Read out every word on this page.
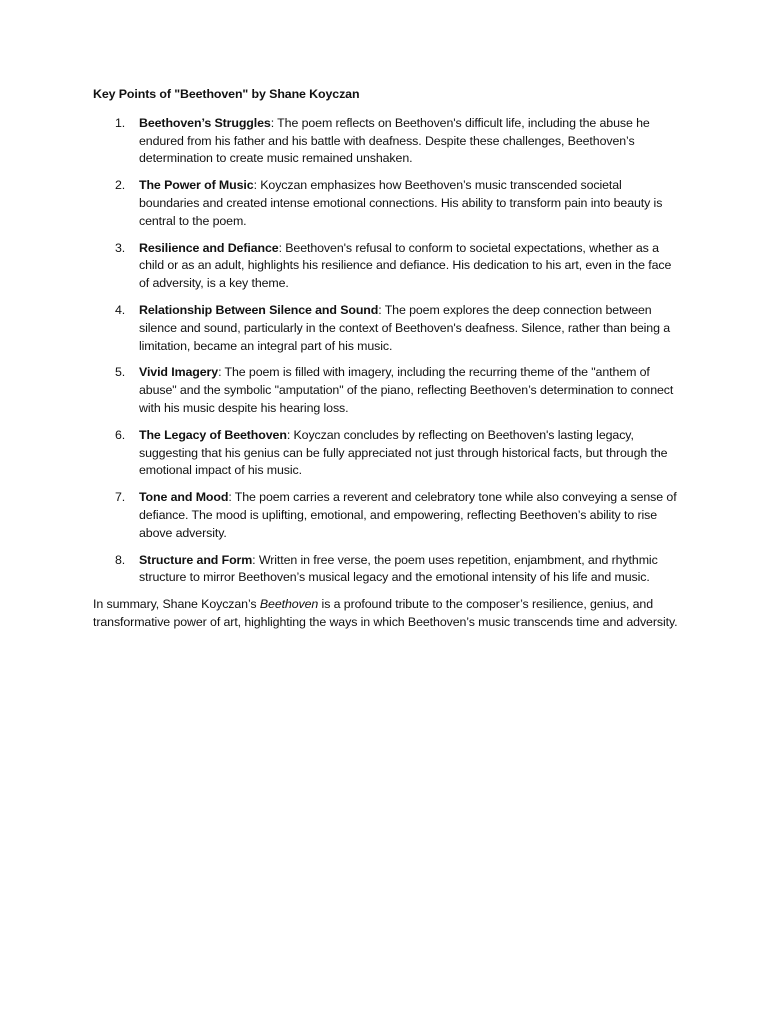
Key Points of "Beethoven" by Shane Koyczan

1. Beethoven’s Struggles: The poem reflects on Beethoven's difficult life, including the abuse he endured from his father and his battle with deafness. Despite these challenges, Beethoven’s determination to create music remained unshaken.
2. The Power of Music: Koyczan emphasizes how Beethoven’s music transcended societal boundaries and created intense emotional connections. His ability to transform pain into beauty is central to the poem.
3. Resilience and Defiance: Beethoven's refusal to conform to societal expectations, whether as a child or as an adult, highlights his resilience and defiance. His dedication to his art, even in the face of adversity, is a key theme.
4. Relationship Between Silence and Sound: The poem explores the deep connection between silence and sound, particularly in the context of Beethoven's deafness. Silence, rather than being a limitation, became an integral part of his music.
5. Vivid Imagery: The poem is filled with imagery, including the recurring theme of the "anthem of abuse" and the symbolic "amputation" of the piano, reflecting Beethoven’s determination to connect with his music despite his hearing loss.
6. The Legacy of Beethoven: Koyczan concludes by reflecting on Beethoven's lasting legacy, suggesting that his genius can be fully appreciated not just through historical facts, but through the emotional impact of his music.
7. Tone and Mood: The poem carries a reverent and celebratory tone while also conveying a sense of defiance. The mood is uplifting, emotional, and empowering, reflecting Beethoven’s ability to rise above adversity.
8. Structure and Form: Written in free verse, the poem uses repetition, enjambment, and rhythmic structure to mirror Beethoven’s musical legacy and the emotional intensity of his life and music.

In summary, Shane Koyczan’s Beethoven is a profound tribute to the composer’s resilience, genius, and transformative power of art, highlighting the ways in which Beethoven’s music transcends time and adversity.
